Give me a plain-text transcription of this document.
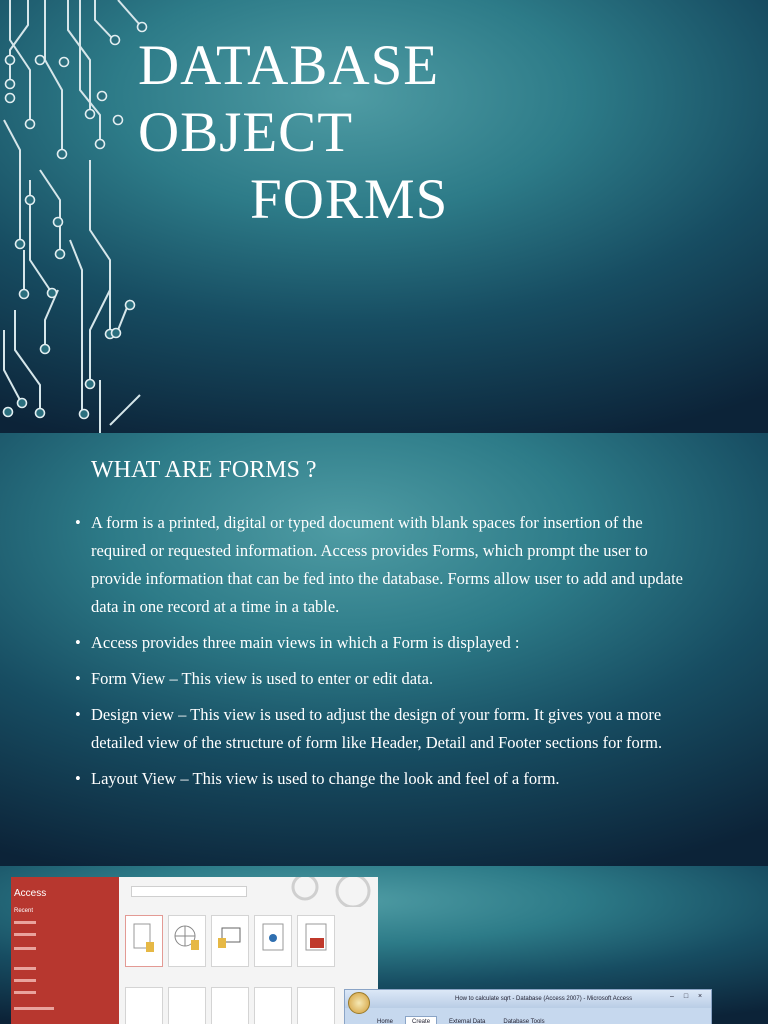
DATABASE
OBJECT
FORMS
WHAT ARE FORMS ?
• A form is a printed, digital or typed document with blank spaces for insertion of the required or requested information. Access provides Forms, which prompt the user to provide information that can be fed into the database. Forms allow user to add and update data in one record at a time in a table.
• Access provides three main views in which a Form is displayed :
• Form View – This view is used to enter or edit data.
• Design view – This view is used to adjust the design of your form. It gives you a more detailed view of the structure of form like Header, Detail and Footer sections for form.
• Layout View – This view is used to change the look and feel of a form.
Access
Recent
How to calculate sqrt - Database (Access 2007) - Microsoft Access	–	□	×
Home	Create	External Data	Database Tools
